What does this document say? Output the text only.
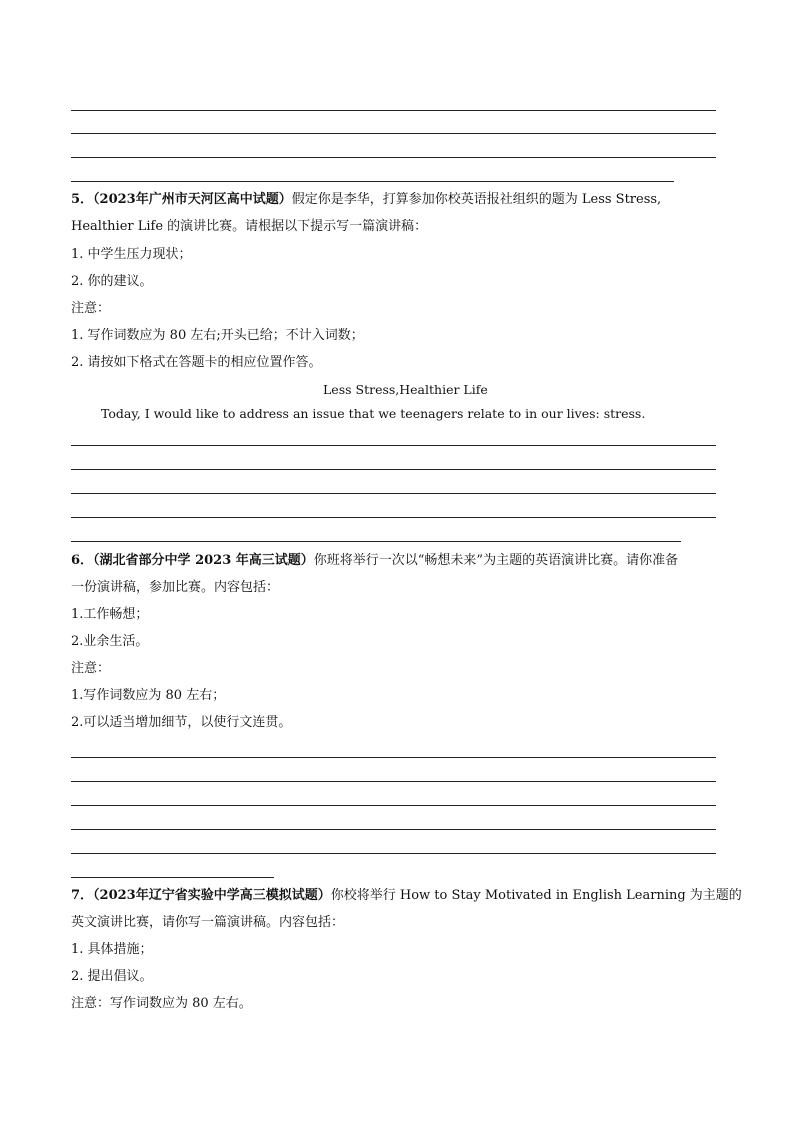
5．（2023年广州市天河区高中试题）假定你是李华，打算参加你校英语报社组织的题为 Less Stress,
Healthier Life 的演讲比赛。请根据以下提示写一篇演讲稿：
1. 中学生压力现状；
2. 你的建议。
注意：
1. 写作词数应为 80 左右;开头已给；不计入词数；
2. 请按如下格式在答题卡的相应位置作答。
Less Stress,Healthier Life
Today, I would like to address an issue that we teenagers relate to in our lives: stress.
6．（湖北省部分中学 2023 年高三试题）你班将举行一次以“畅想未来”为主题的英语演讲比赛。请你准备
一份演讲稿，参加比赛。内容包括：
1.工作畅想；
2.业余生活。
注意：
1.写作词数应为 80 左右；
2.可以适当增加细节，以使行文连贯。
7．（2023年辽宁省实验中学高三模拟试题）你校将举行 How to Stay Motivated in English Learning 为主题的
英文演讲比赛，请你写一篇演讲稿。内容包括：
1. 具体措施；
2. 提出倡议。
注意：写作词数应为 80 左右。
